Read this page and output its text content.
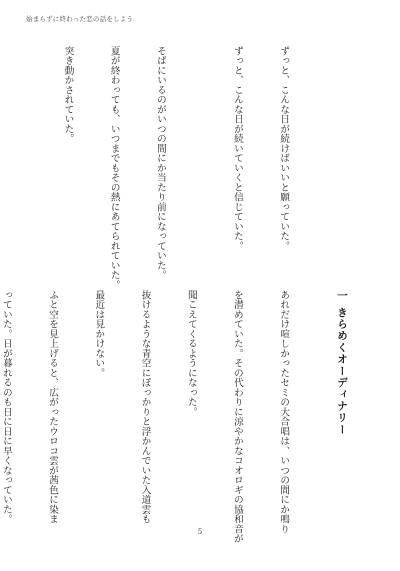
始まらずに終わった恋の話をしよう

ずっと、こんな日が続けばいいと願っていた。

ずっと、こんな日が続いていくと信じていた。

そばにいるのがいつの間にか当たり前になっていた。

夏が終わっても、いつまでもその熱にあてられていた。

突き動かされていた。

一 きらめくオーディナリー

あれだけ喧しかったセミの大合唱は、いつの間にか鳴り

を潜めていた。その代わりに涼やかなコオロギの協和音が

聞こえてくるようになった。

抜けるような青空にぽっかりと浮かんでいた入道雲も

最近は見かけない。

ふと空を見上げると、広がったウロコ雲が茜色に染ま

っていた。日が暮れるのも日に日に早くなっていた。

5
